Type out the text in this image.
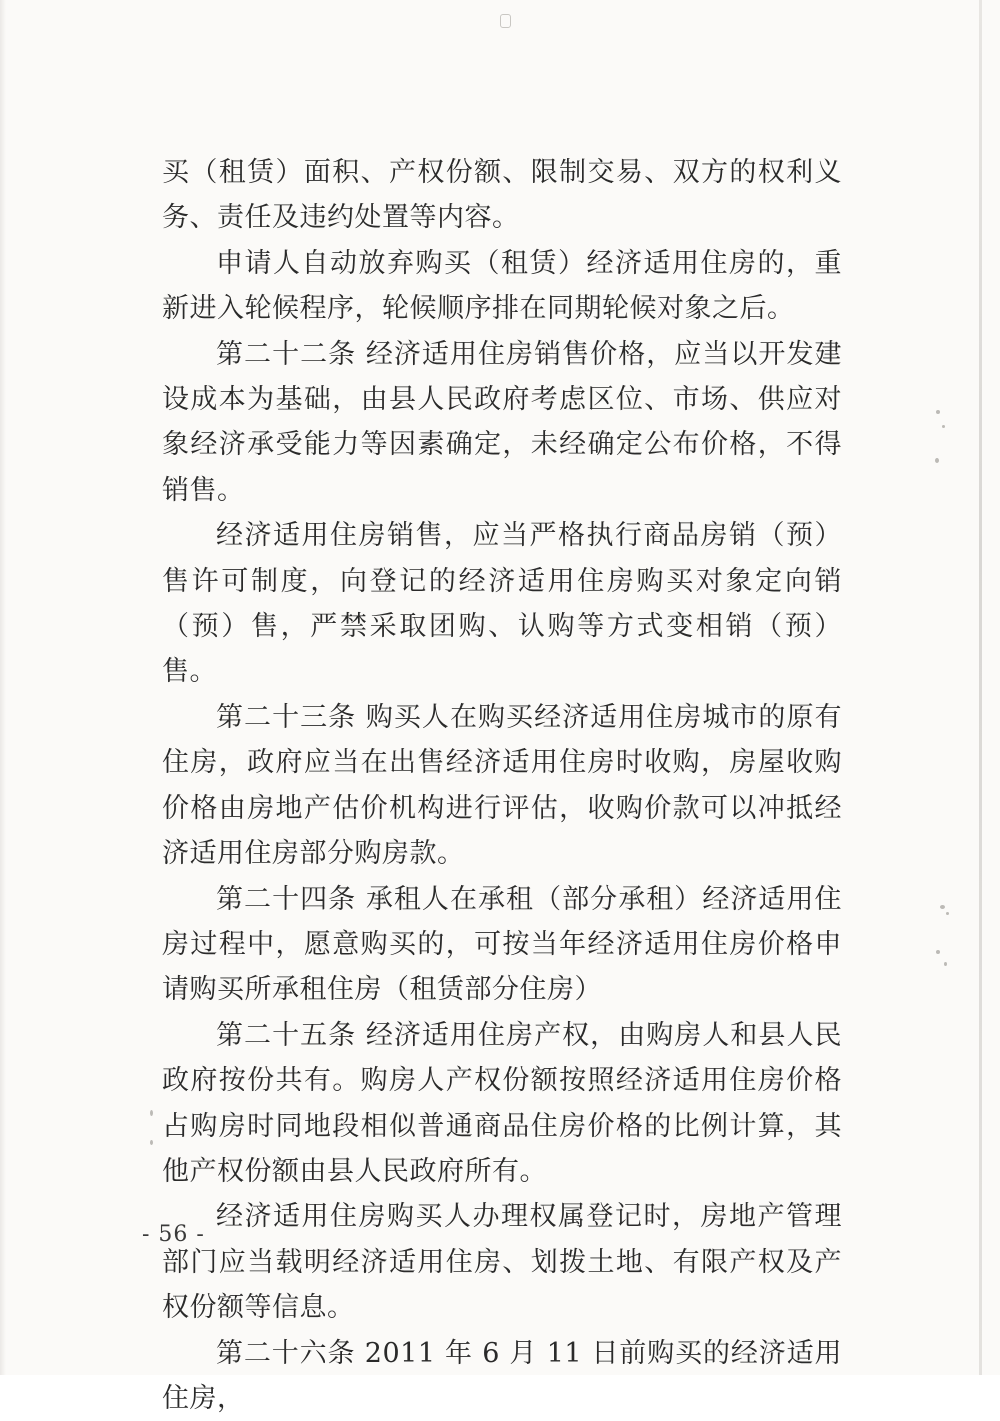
买（租赁）面积、产权份额、限制交易、双方的权利义务、责任及违约处置等内容。

申请人自动放弃购买（租赁）经济适用住房的，重新进入轮候程序，轮候顺序排在同期轮候对象之后。

第二十二条 经济适用住房销售价格，应当以开发建设成本为基础，由县人民政府考虑区位、市场、供应对象经济承受能力等因素确定，未经确定公布价格，不得销售。

经济适用住房销售，应当严格执行商品房销（预）售许可制度，向登记的经济适用住房购买对象定向销（预）售，严禁采取团购、认购等方式变相销（预）售。

第二十三条 购买人在购买经济适用住房城市的原有住房，政府应当在出售经济适用住房时收购，房屋收购价格由房地产估价机构进行评估，收购价款可以冲抵经济适用住房部分购房款。

第二十四条 承租人在承租（部分承租）经济适用住房过程中，愿意购买的，可按当年经济适用住房价格申请购买所承租住房（租赁部分住房）

第二十五条 经济适用住房产权，由购房人和县人民政府按份共有。购房人产权份额按照经济适用住房价格占购房时同地段相似普通商品住房价格的比例计算，其他产权份额由县人民政府所有。

经济适用住房购买人办理权属登记时，房地产管理部门应当载明经济适用住房、划拨土地、有限产权及产权份额等信息。

第二十六条 2011 年 6 月 11 日前购买的经济适用住房，

- 56 -
